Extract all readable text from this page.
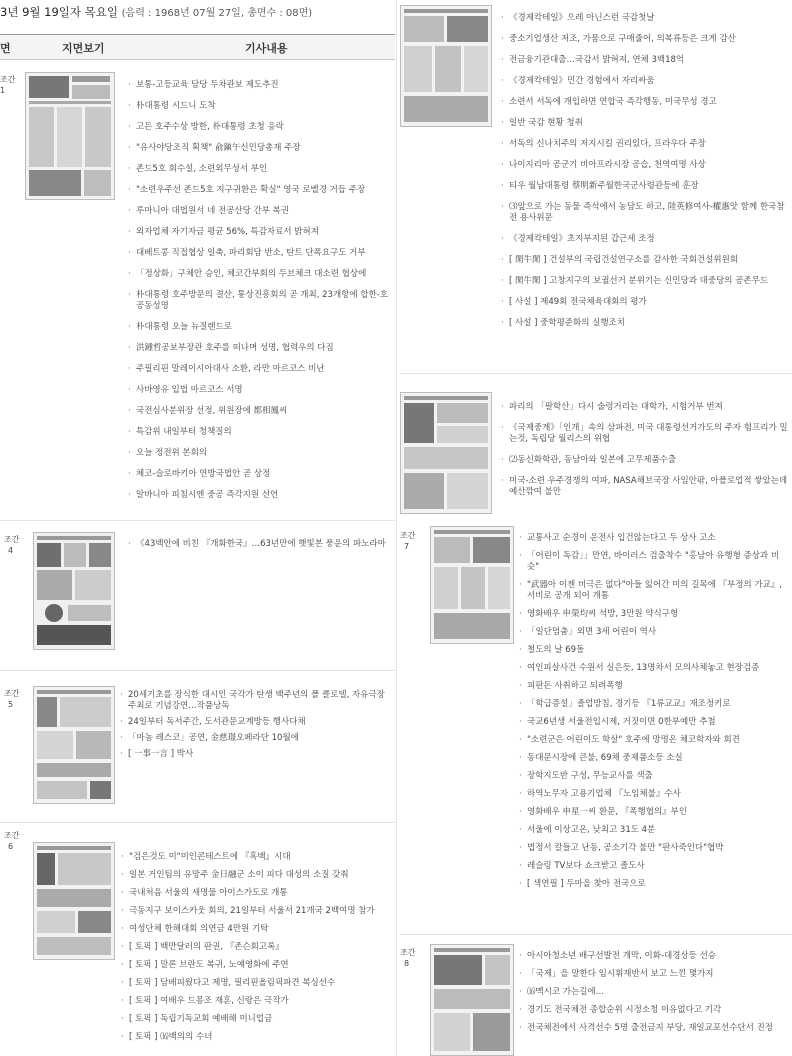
3년 9월 19일자 목요일 (음력 : 1968년 07월 27일, 총면수 : 08면)
면	지면보기	기사내용
조간
1
· 보통-고등교육 담당 두차관보 제도추진
· 朴대통령 시드니 도착
· 고든 호주수상 방한, 朴대통령 초청 응락
· "유사야당조직 획책" 俞鎭午신민당총재 주장
· 존드5호 회수설, 소련외무성서 부인
· "소련우주선 존드5호 지구귀환은 확실" 영국 로벨경 거듭 주장
· 루마니아 대법원서 네 전공산당 간부 복권
· 외자업체 자기자금 평균 56%, 특감자료서 밝혀져
· 대베트콩 직접협상 일축, 파리회담 반소, 탄트 단폭요구도 거부
· 「정상화」구체안 승인, 체코간부회의 두브체크 대소련 협상에
· 朴대통령 호주방문의 결산, 통상진흥회의 곧 개최, 23개항에 합한-호 공동성명
· 朴대통령 오늘 뉴질랜드로
· 洪鍾哲공보부장관 호주를 떠나며 성명, 협력우의 다짐
· 주필리핀 말레이시아대사 소환, 라만 마르코스 비난
· 사바영유 입법 마르코스 서명
· 국전심사분위장 선정, 위원장에 都相鳳씨
· 특감위 내일부터 청책질의
· 오늘 정전위 본회의
· 체코-슬로바키아 연방국법안 곧 상정
· 알바니아 피침시엔 중공 즉각지원 선언
조간
4
· 《43백안에 비친 『개화한국』…63년만에 햇빛본 풍운의 파노라마
조간
5
· 20세기초를 장식한 대시인 국각가 탄생 백주년의 폴 클로델, 자유극장 주최로 기념강연…작품낭독
· 24일부터 독서주간, 도서관문교계방등 행사다채
· 「마농 레스코」공연, 金慈璟오페라단 10월에
· [ 一事一言 ] 박사
조간
6
· "검은것도 미"미인콘테스트에 『흑백』시대
· 일본 거인팀의 유망주 金日融군 소이 피다 대성의 소질 갖춰
· 국내처음 서울의 새명물 아이스가도로 개통
· 극동지구 보이스카웃 회의, 21일부터 서울서 21개국 2백여명 참가
· 여성단체 한해대회 의연금 4만원 기탁
· [ 토픽 ] 백만달러의 판권, 『존슨회고록』
· [ 토픽 ] 말론 브란도 복귀, 노예영화에 주연
· [ 토픽 ] 담배피웠다고 제명, 필리핀올림픽파견 복싱선수
· [ 토픽 ] 여배우 드몽조 재혼, 신랑은 극작가
· [ 토픽 ] 독립기독교회 예배해 미니업금
· [ 토픽 ] ⒃백의의 수녀
· 《경제칵테일》으레 아닌스런 국감첫날
· 중소기업생산 저조, 가뭄으로 구매줄어, 의복류등은 크게 감산
· 전금융기관대출…국감서 밝혀져, 연체 3백18억
· 《경제칵테일》민간 경험에서 자리싸움
· 소련서 서독에 개입하면 연합국 즉각행동, 미국무성 경고
· 일반 국감 현황 청취
· 서독의 신나치주의 저지시킬 권리있다, 프라우다 주장
· 나이지리아 공군기 비아프라시장 공습, 천역여명 사상
· 티우 월남대통령 蔡明新주월한국군사령관등에 훈장
· ⑶앞으로 가는 동물 즉석에서 농담도 하고, 陸英修여사-權惠앗 함께 한국참전 용사위문
· 《경제칵테일》초지부지된 갑근세 조정
· [ 閑牛閑 ] 건설부의 국립건설연구소를 감사한 국회건설위원회
· [ 閑牛閑 ] 고창지구의 보궐선거 분위기는 신민당과 대중당의 공존무드
· [ 사설 ] 제49회 전국체육대회의 평가
· [ 사설 ] 중학평준화의 실행조치
· 파리의 「팔학산」다시 술렁거리는 대학가, 시험거부 번져
· 《국제중계》「인개」속의 삼파전, 미국 대통령선거가도의 주자 험프리가 밀는것, 독립당 월리스의 위협
· ⑵동신화학관, 동남아와 일본에 고무제품수출
· 미국-소련 우주경쟁의 여파, NASA해브국장 사임안팎, 아폴로업적 쌓았는데 예산깎여 불만
조간
7
· 교통사고 순경이 운전사 입건않는다고 두 상사 고소
· 「어린이 독감」」만연, 바이러스 검출착수 "홍남아 유행형 증상과 비슷"
· "武器아 이젠 비극은 없다"아들 잃어간 미의 길목에 『부정의 가교』, 서비로 공개 되어 개통
· 영화배우 申榮均씨 석방, 3만원 약식구형
· 「일단멈춤」외면 3세 어린이 역사
· 철도의 날 69돌
· 여인피살사건 수원서 실은듯, 13명차서 모의사체놓고 현장검증
· 피판돈 사취하고 되려폭행
· 「학급증설」졸업방침, 경기등 『1류교교』재조정키로
· 국교6년생 서울전입시제, 거짓이면 0한부예만 추첨
· "소련군은 어린이도 학살" 호주에 망명온 체코학자와 회견
· 동대문시장에 큰불, 69채 중제품소등 소실
· 장학지도반 구성, 무능교사를 색출
· 하역노무자 고용기업체 『노임체불』수사
· 영화배우 申星一씨 환문, 『폭행협의』부인
· 서울에 이상고온, 낮최고 31도 4분
· 법정서 칼들고 난동, 공소기각 불만 "판사죽인다"협박
· 레슬링 TV보다 쇼크받고 졸도사
· [ 색연필 ] 두마을 찾아 전국으로
조간
8
· 아시아청소년 배구선발전 개막, 이화-대경상등 선승
· 「국제」을 말한다 임시휘재반서 보고 느낀 몇가지
· ⒃멕시코 가는길에…
· 경기도 전국체전 종합순위 시정소청 이유없다고 기각
· 전국체전에서 사격선수 5명 출전금지 부당, 재일교포선수단서 진정
